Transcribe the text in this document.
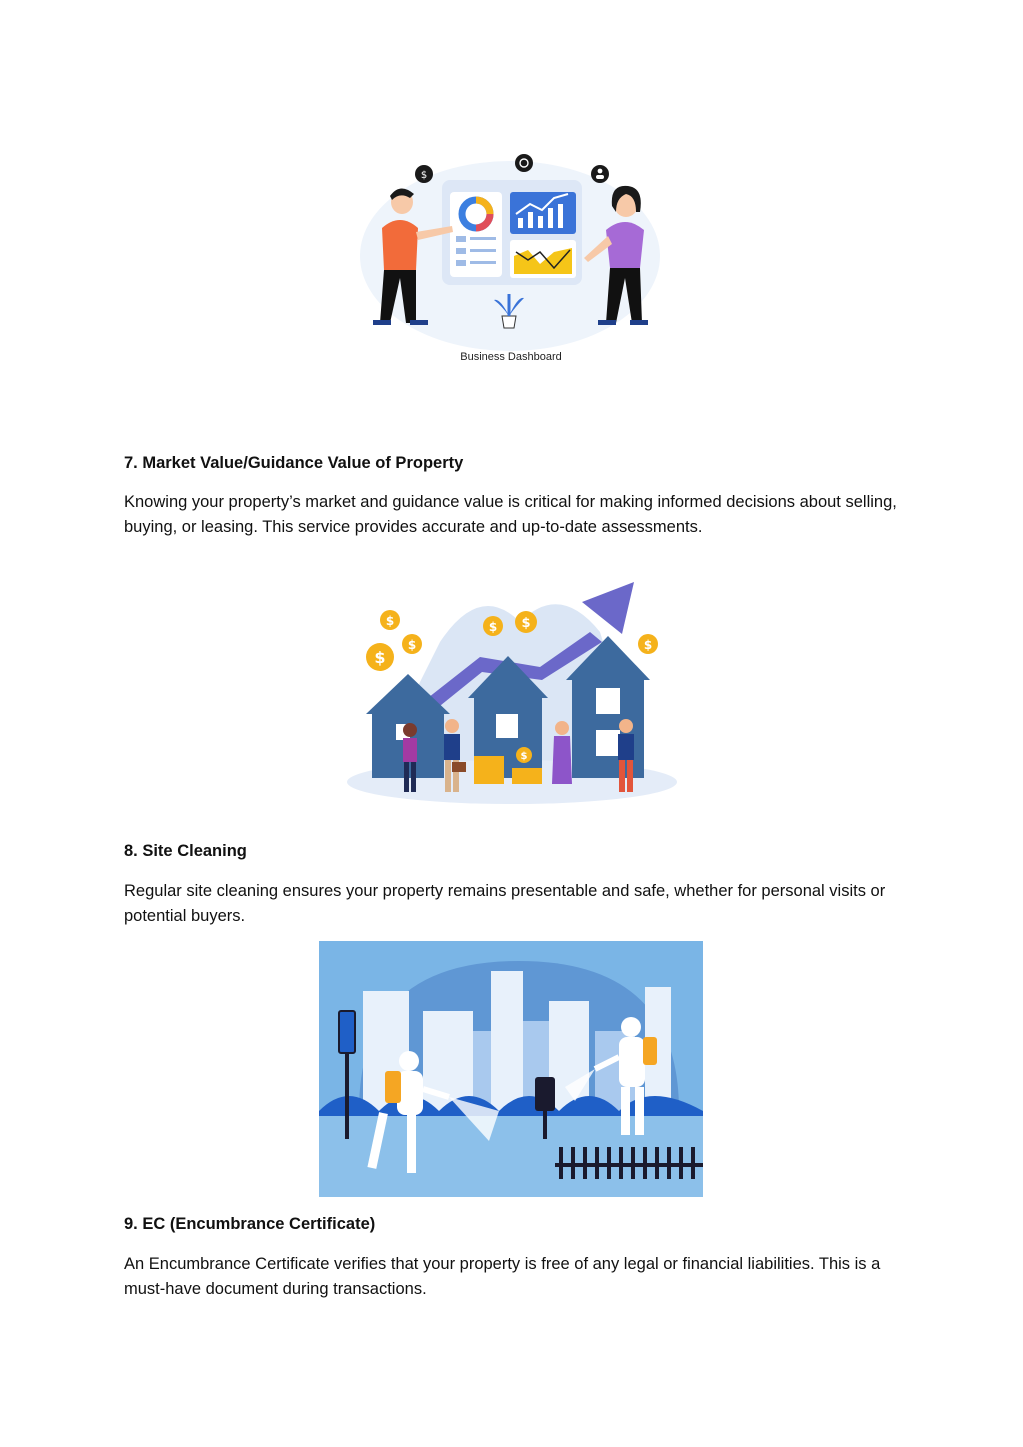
$
Business Dashboard
7. Market Value/Guidance Value of Property

Knowing your property’s market and guidance value is critical for making informed decisions about selling, buying, or leasing. This service provides accurate and up-to-date assessments.

$
$
$
$ $
$
$
8. Site Cleaning

Regular site cleaning ensures your property remains presentable and safe, whether for personal visits or potential buyers.

9. EC (Encumbrance Certificate)

An Encumbrance Certificate verifies that your property is free of any legal or financial liabilities. This is a must-have document during transactions.
